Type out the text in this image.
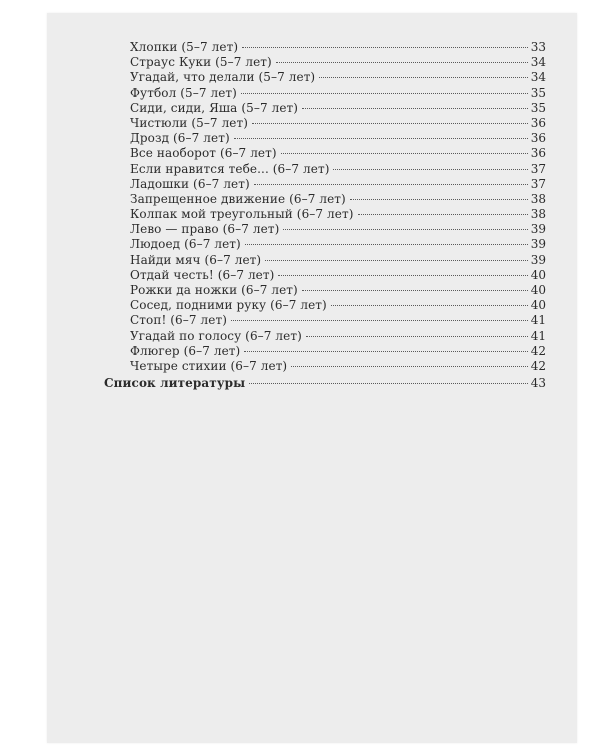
Хлопки (5–7 лет)	33
Страус Куки (5–7 лет)	34
Угадай, что делали (5–7 лет)	34
Футбол (5–7 лет)	35
Сиди, сиди, Яша (5–7 лет)	35
Чистюли (5–7 лет)	36
Дрозд (6–7 лет)	36
Все наоборот (6–7 лет)	36
Если нравится тебе... (6–7 лет)	37
Ладошки (6–7 лет)	37
Запрещенное движение (6–7 лет)	38
Колпак мой треугольный (6–7 лет)	38
Лево — право (6–7 лет)	39
Людоед (6–7 лет)	39
Найди мяч (6–7 лет)	39
Отдай честь! (6–7 лет)	40
Рожки да ножки (6–7 лет)	40
Сосед, подними руку (6–7 лет)	40
Стоп! (6–7 лет)	41
Угадай по голосу (6–7 лет)	41
Флюгер (6–7 лет)	42
Четыре стихии (6–7 лет)	42
Список литературы	43
